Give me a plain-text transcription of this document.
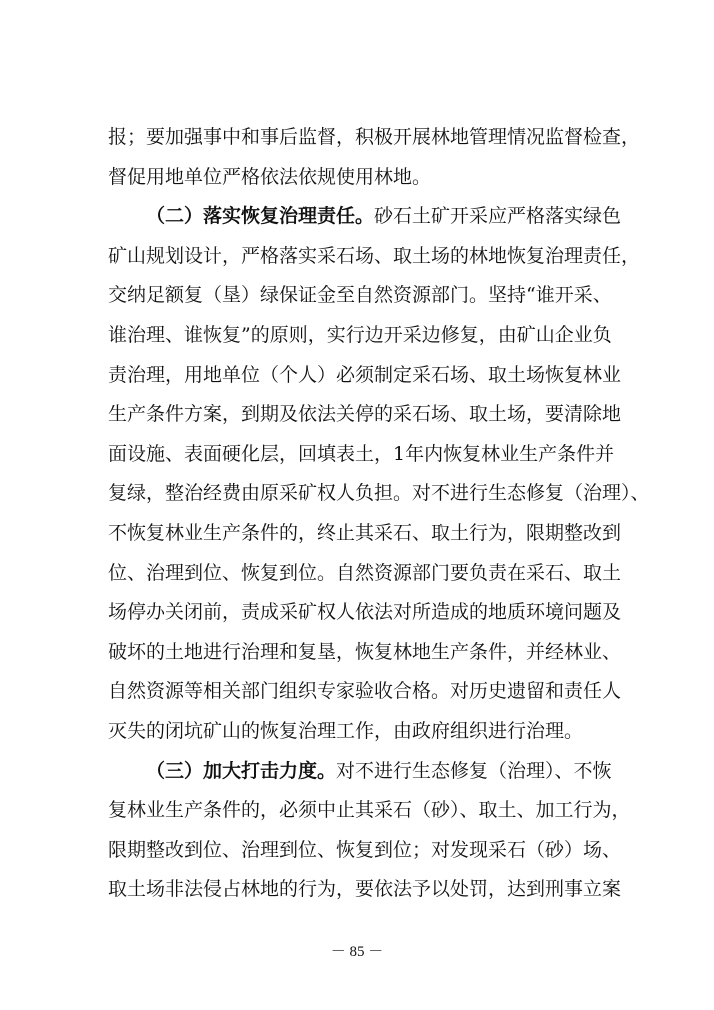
报；要加强事中和事后监督，积极开展林地管理情况监督检查，
督促用地单位严格依法依规使用林地。
（二）落实恢复治理责任。砂石土矿开采应严格落实绿色
矿山规划设计，严格落实采石场、取土场的林地恢复治理责任，
交纳足额复（垦）绿保证金至自然资源部门。坚持“谁开采、
谁治理、谁恢复”的原则，实行边开采边修复，由矿山企业负
责治理，用地单位（个人）必须制定采石场、取土场恢复林业
生产条件方案，到期及依法关停的采石场、取土场，要清除地
面设施、表面硬化层，回填表土，1年内恢复林业生产条件并
复绿，整治经费由原采矿权人负担。对不进行生态修复（治理）、
不恢复林业生产条件的，终止其采石、取土行为，限期整改到
位、治理到位、恢复到位。自然资源部门要负责在采石、取土
场停办关闭前，责成采矿权人依法对所造成的地质环境问题及
破坏的土地进行治理和复垦，恢复林地生产条件，并经林业、
自然资源等相关部门组织专家验收合格。对历史遗留和责任人
灭失的闭坑矿山的恢复治理工作，由政府组织进行治理。
（三）加大打击力度。对不进行生态修复（治理）、不恢
复林业生产条件的，必须中止其采石（砂）、取土、加工行为，
限期整改到位、治理到位、恢复到位；对发现采石（砂）场、
取土场非法侵占林地的行为，要依法予以处罚，达到刑事立案
－ 85 －
